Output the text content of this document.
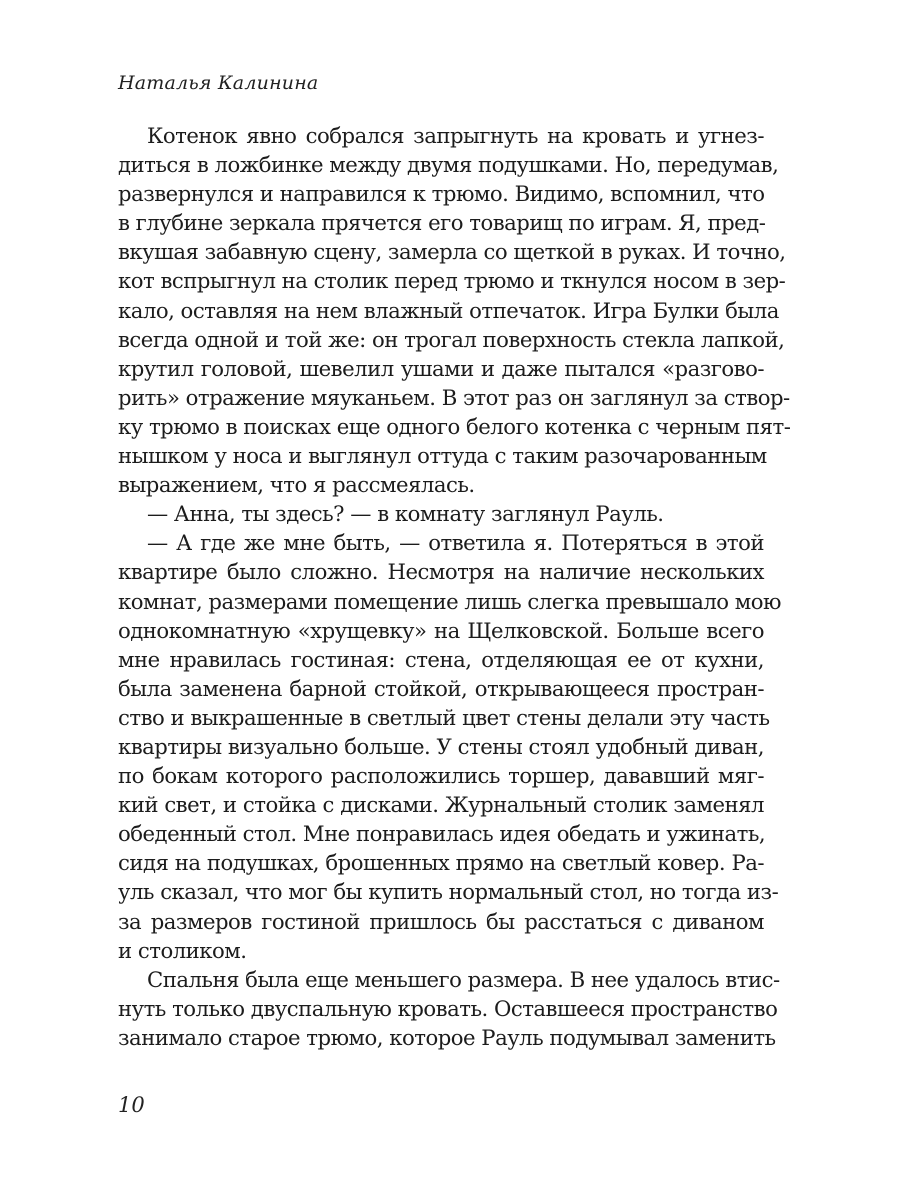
Наталья Калинина
Котенок явно собрался запрыгнуть на кровать и угнез-
диться в ложбинке между двумя подушками. Но, передумав,
развернулся и направился к трюмо. Видимо, вспомнил, что
в глубине зеркала прячется его товарищ по играм. Я, пред-
вкушая забавную сцену, замерла со щеткой в руках. И точно,
кот вспрыгнул на столик перед трюмо и ткнулся носом в зер-
кало, оставляя на нем влажный отпечаток. Игра Булки была
всегда одной и той же: он трогал поверхность стекла лапкой,
крутил головой, шевелил ушами и даже пытался «разгово-
рить» отражение мяуканьем. В этот раз он заглянул за створ-
ку трюмо в поисках еще одного белого котенка с черным пят-
нышком у носа и выглянул оттуда с таким разочарованным
выражением, что я рассмеялась.
— Анна, ты здесь? — в комнату заглянул Рауль.
— А где же мне быть, — ответила я. Потеряться в этой
квартире было сложно. Несмотря на наличие нескольких
комнат, размерами помещение лишь слегка превышало мою
однокомнатную «хрущевку» на Щелковской. Больше всего
мне нравилась гостиная: стена, отделяющая ее от кухни,
была заменена барной стойкой, открывающееся простран-
ство и выкрашенные в светлый цвет стены делали эту часть
квартиры визуально больше. У стены стоял удобный диван,
по бокам которого расположились торшер, дававший мяг-
кий свет, и стойка с дисками. Журнальный столик заменял
обеденный стол. Мне понравилась идея обедать и ужинать,
сидя на подушках, брошенных прямо на светлый ковер. Ра-
уль сказал, что мог бы купить нормальный стол, но тогда из-
за размеров гостиной пришлось бы расстаться с диваном
и столиком.
Спальня была еще меньшего размера. В нее удалось втис-
нуть только двуспальную кровать. Оставшееся пространство
занимало старое трюмо, которое Рауль подумывал заменить
10
